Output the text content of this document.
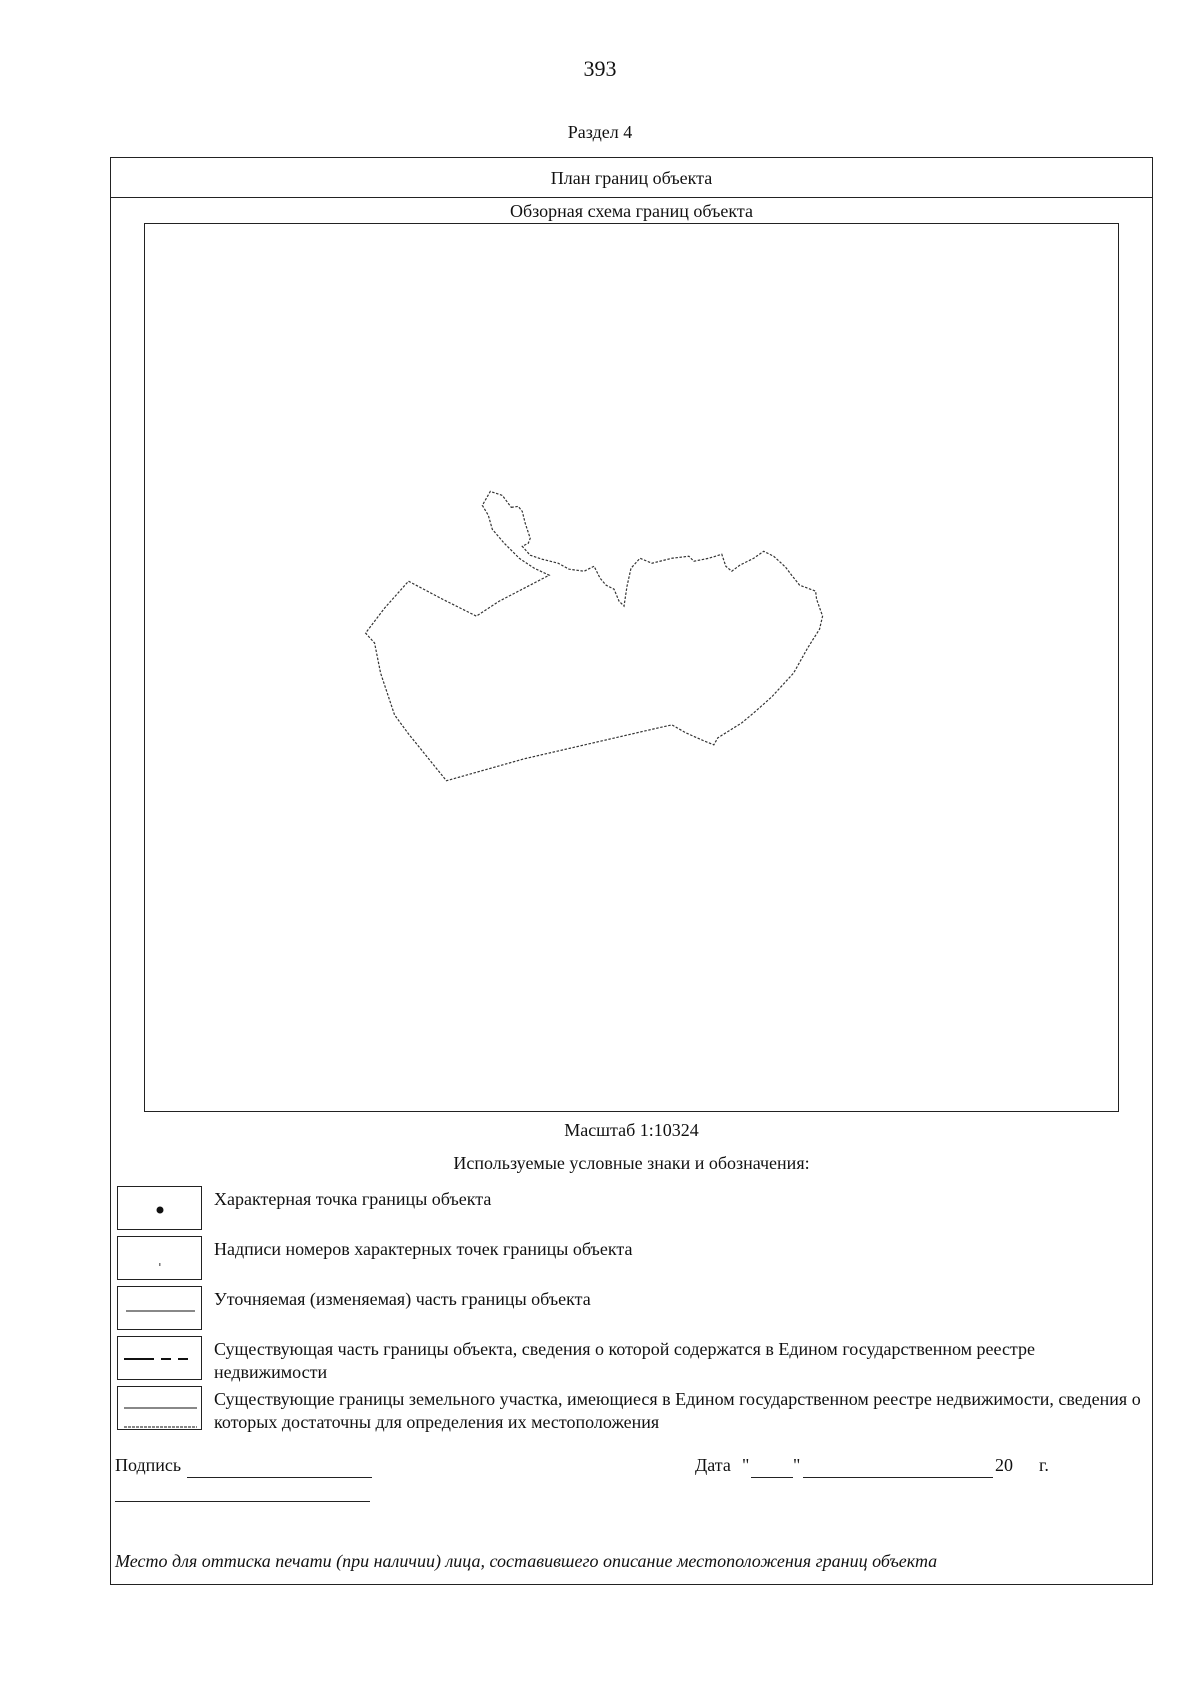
393
Раздел 4
План границ объекта
Обзорная схема границ объекта
Масштаб 1:10324
Используемые условные знаки и обозначения:
Характерная точка границы объекта
Надписи номеров характерных точек границы объекта
Уточняемая (изменяемая) часть границы объекта
Существующая часть границы объекта, сведения о которой содержатся в Едином государственном реестре недвижимости
Существующие границы земельного участка, имеющиеся в Едином государственном реестре недвижимости, сведения о которых достаточны для определения их местоположения
Подпись	Дата " "	20 г.
Место для оттиска печати (при наличии) лица, составившего описание местоположения границ объекта
